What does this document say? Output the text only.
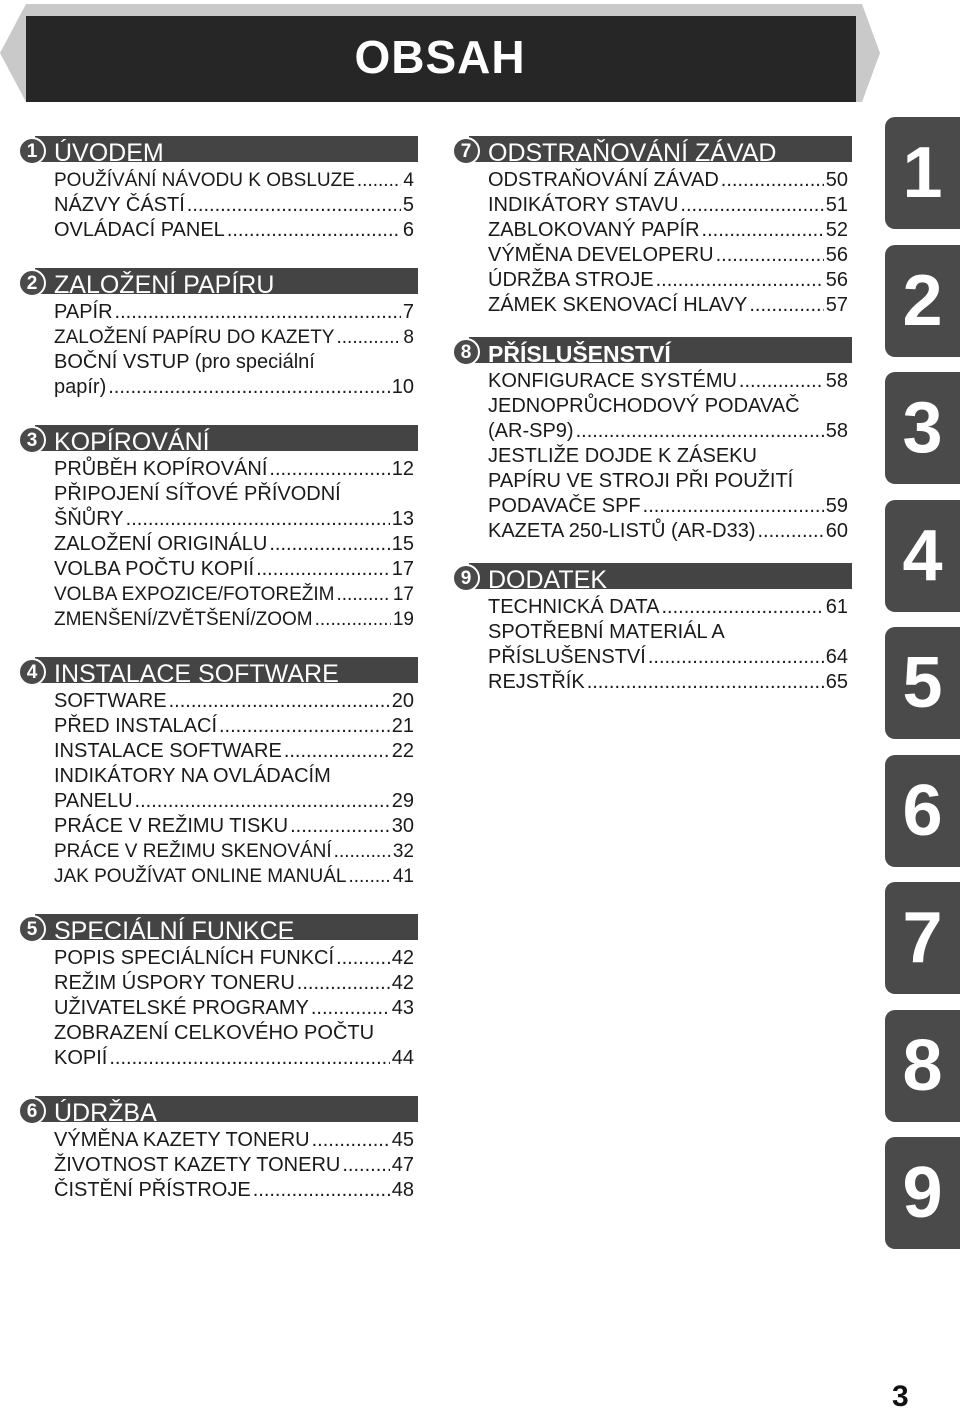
OBSAH
1 ÚVODEM
POUŽÍVÁNÍ NÁVODU K OBSLUZE .....	4
NÁZVY ČÁSTÍ .....	5
OVLÁDACÍ PANEL .....	6
2 ZALOŽENÍ PAPÍRU
PAPÍR .....	7
ZALOŽENÍ PAPÍRU DO KAZETY .....	8
BOČNÍ VSTUP (pro speciální
papír) .....	10
3 KOPÍROVÁNÍ
PRŮBĚH KOPÍROVÁNÍ .....	12
PŘIPOJENÍ SÍŤOVÉ PŘÍVODNÍ
ŠŇŮRY .....	13
ZALOŽENÍ ORIGINÁLU .....	15
VOLBA POČTU KOPIÍ .....	17
VOLBA EXPOZICE/FOTOREŽIM .....	17
ZMENŠENÍ/ZVĚTŠENÍ/ZOOM .....	19
4 INSTALACE SOFTWARE
SOFTWARE .....	20
PŘED INSTALACÍ .....	21
INSTALACE SOFTWARE .....	22
INDIKÁTORY NA OVLÁDACÍM
PANELU .....	29
PRÁCE V REŽIMU TISKU .....	30
PRÁCE V REŽIMU SKENOVÁNÍ .....	32
JAK POUŽÍVAT ONLINE MANUÁL ..... 41
5 SPECIÁLNÍ FUNKCE
POPIS SPECIÁLNÍCH FUNKCÍ .....	42
REŽIM ÚSPORY TONERU .....	42
UŽIVATELSKÉ PROGRAMY .....	43
ZOBRAZENÍ CELKOVÉHO POČTU
KOPIÍ .....	44
6 ÚDRŽBA
VÝMĚNA KAZETY TONERU .....	45
ŽIVOTNOST KAZETY TONERU .....	47
ČISTĚNÍ PŘÍSTROJE .....	48
7 ODSTRAŇOVÁNÍ ZÁVAD
ODSTRAŇOVÁNÍ ZÁVAD .....	50
INDIKÁTORY STAVU .....	51
ZABLOKOVANÝ PAPÍR .....	52
VÝMĚNA DEVELOPERU .....	56
ÚDRŽBA STROJE .....	56
ZÁMEK SKENOVACÍ HLAVY .....	57
8 PŘÍSLUŠENSTVÍ
KONFIGURACE SYSTÉMU .....	58
JEDNOPRŮCHODOVÝ PODAVAČ
(AR-SP9) .....	58
JESTLIŽE DOJDE K ZÁSEKU
PAPÍRU VE STROJI PŘI POUŽITÍ
PODAVAČE SPF .....	59
KAZETA 250-LISTŮ (AR-D33) .....	60
9 DODATEK
TECHNICKÁ DATA .....	61
SPOTŘEBNÍ MATERIÁL A
PŘÍSLUŠENSTVÍ .....	64
REJSTŘÍK .....	65
1
2
3
4
5
6
7
8
9
3
